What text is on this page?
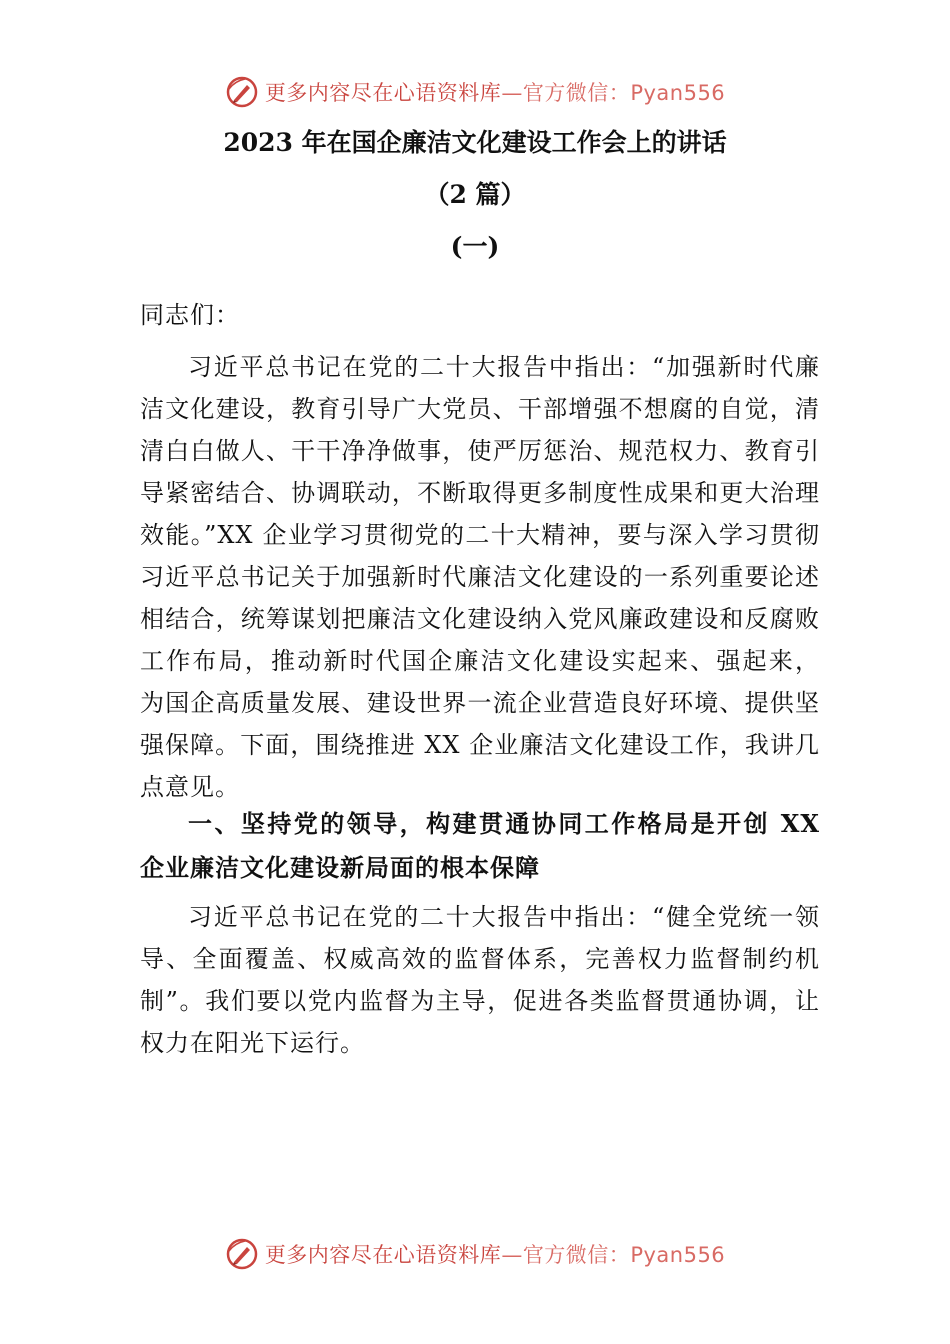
更多内容尽在心语资料库—官方微信：Pyan556
2023 年在国企廉洁文化建设工作会上的讲话
（2 篇）
(一)
同志们：
习近平总书记在党的二十大报告中指出：“加强新时代廉洁文化建设，教育引导广大党员、干部增强不想腐的自觉，清清白白做人、干干净净做事，使严厉惩治、规范权力、教育引导紧密结合、协调联动，不断取得更多制度性成果和更大治理效能。”XX 企业学习贯彻党的二十大精神，要与深入学习贯彻习近平总书记关于加强新时代廉洁文化建设的一系列重要论述相结合，统筹谋划把廉洁文化建设纳入党风廉政建设和反腐败工作布局，推动新时代国企廉洁文化建设实起来、强起来， 为国企高质量发展、建设世界一流企业营造良好环境、提供坚强保障。下面，围绕推进 XX 企业廉洁文化建设工作，我讲几点意见。
一、坚持党的领导，构建贯通协同工作格局是开创 XX 企业廉洁文化建设新局面的根本保障
习近平总书记在党的二十大报告中指出：“健全党统一领导、全面覆盖、权威高效的监督体系，完善权力监督制约机制”。我们要以党内监督为主导，促进各类监督贯通协调，让权力在阳光下运行。
更多内容尽在心语资料库—官方微信：Pyan556
